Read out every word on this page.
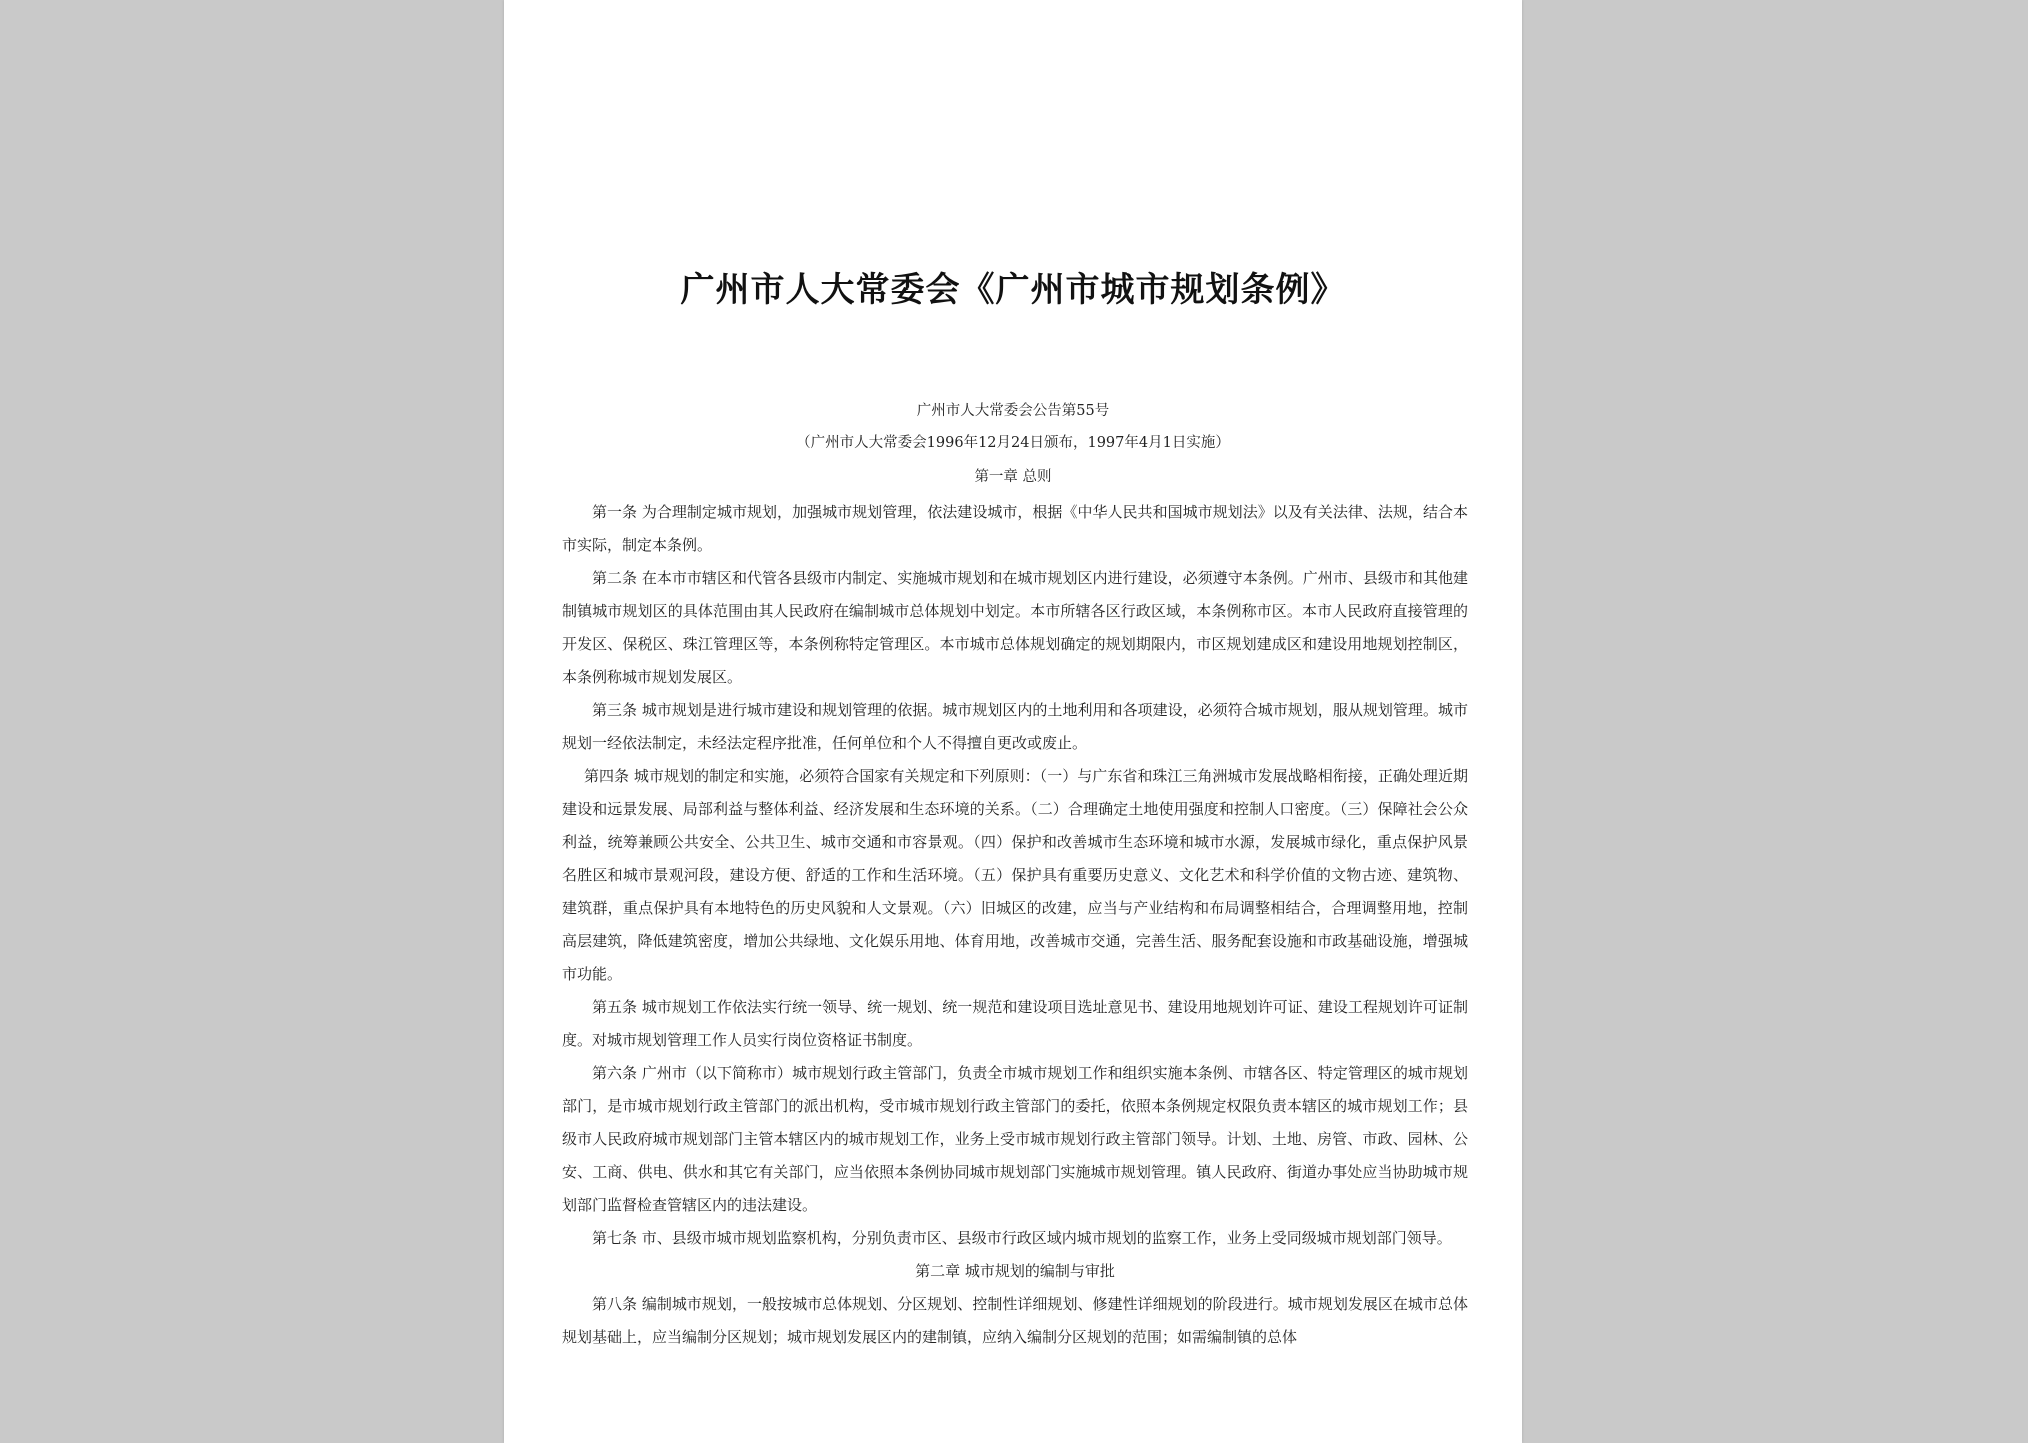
广州市人大常委会《广州市城市规划条例》

广州市人大常委会公告第55号

（广州市人大常委会1996年12月24日颁布，1997年4月1日实施）

第一章 总则

第一条 为合理制定城市规划，加强城市规划管理，依法建设城市，根据《中华人民共和国城市规划法》以及有关法律、法规，结合本市实际，制定本条例。

第二条 在本市市辖区和代管各县级市内制定、实施城市规划和在城市规划区内进行建设，必须遵守本条例。广州市、县级市和其他建制镇城市规划区的具体范围由其人民政府在编制城市总体规划中划定。本市所辖各区行政区域，本条例称市区。本市人民政府直接管理的开发区、保税区、珠江管理区等，本条例称特定管理区。本市城市总体规划确定的规划期限内，市区规划建成区和建设用地规划控制区，本条例称城市规划发展区。

第三条 城市规划是进行城市建设和规划管理的依据。城市规划区内的土地利用和各项建设，必须符合城市规划，服从规划管理。城市规划一经依法制定，未经法定程序批准，任何单位和个人不得擅自更改或废止。

第四条 城市规划的制定和实施，必须符合国家有关规定和下列原则：（一）与广东省和珠江三角洲城市发展战略相衔接，正确处理近期建设和远景发展、局部利益与整体利益、经济发展和生态环境的关系。（二）合理确定土地使用强度和控制人口密度。（三）保障社会公众利益，统筹兼顾公共安全、公共卫生、城市交通和市容景观。（四）保护和改善城市生态环境和城市水源，发展城市绿化，重点保护风景名胜区和城市景观河段，建设方便、舒适的工作和生活环境。（五）保护具有重要历史意义、文化艺术和科学价值的文物古迹、建筑物、建筑群，重点保护具有本地特色的历史风貌和人文景观。（六）旧城区的改建，应当与产业结构和布局调整相结合，合理调整用地，控制高层建筑，降低建筑密度，增加公共绿地、文化娱乐用地、体育用地，改善城市交通，完善生活、服务配套设施和市政基础设施，增强城市功能。

第五条 城市规划工作依法实行统一领导、统一规划、统一规范和建设项目选址意见书、建设用地规划许可证、建设工程规划许可证制度。对城市规划管理工作人员实行岗位资格证书制度。

第六条 广州市（以下简称市）城市规划行政主管部门，负责全市城市规划工作和组织实施本条例、市辖各区、特定管理区的城市规划部门，是市城市规划行政主管部门的派出机构，受市城市规划行政主管部门的委托，依照本条例规定权限负责本辖区的城市规划工作；县级市人民政府城市规划部门主管本辖区内的城市规划工作，业务上受市城市规划行政主管部门领导。计划、土地、房管、市政、园林、公安、工商、供电、供水和其它有关部门，应当依照本条例协同城市规划部门实施城市规划管理。镇人民政府、街道办事处应当协助城市规划部门监督检查管辖区内的违法建设。

第七条 市、县级市城市规划监察机构，分别负责市区、县级市行政区域内城市规划的监察工作，业务上受同级城市规划部门领导。

第二章 城市规划的编制与审批

第八条 编制城市规划，一般按城市总体规划、分区规划、控制性详细规划、修建性详细规划的阶段进行。城市规划发展区在城市总体规划基础上，应当编制分区规划；城市规划发展区内的建制镇，应纳入编制分区规划的范围；如需编制镇的总体
